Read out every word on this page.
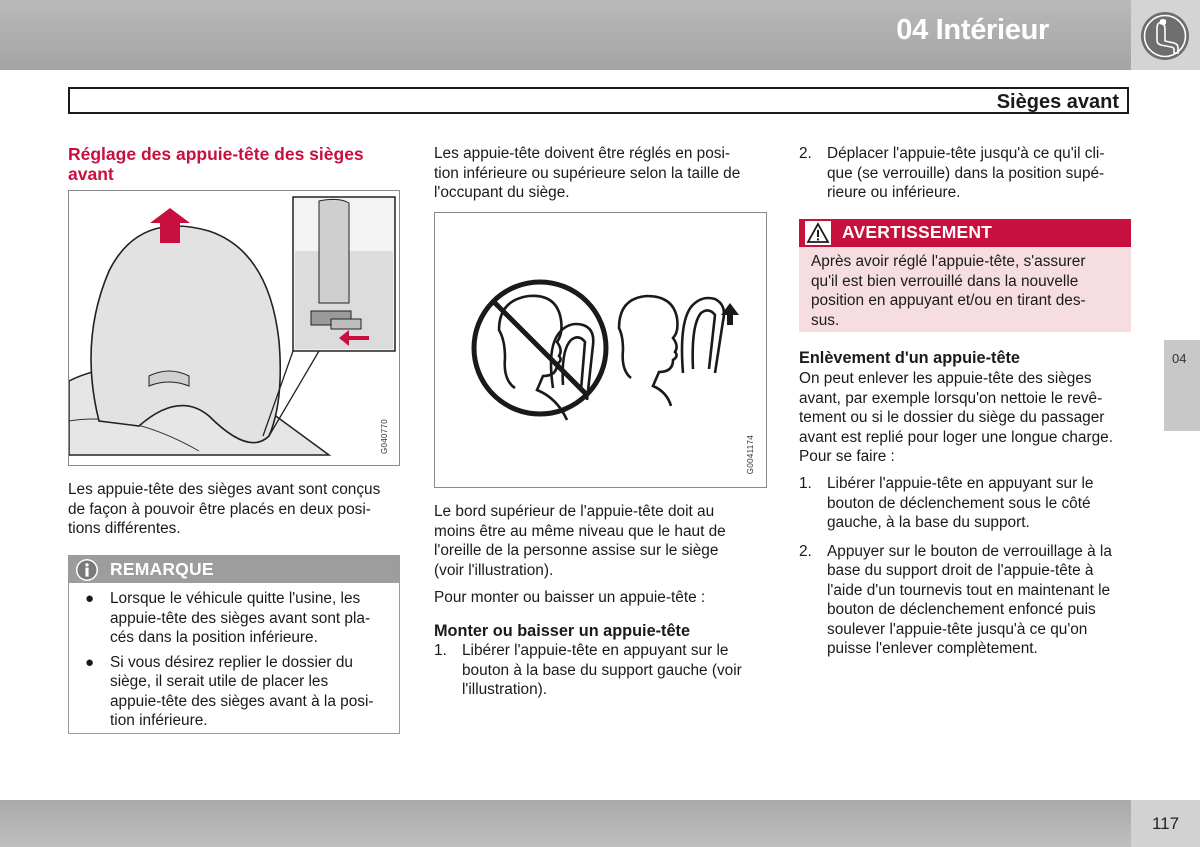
04 Intérieur
Sièges avant
04
Réglage des appuie-tête des sièges
avant
G040770
Les appuie-tête des sièges avant sont conçus
de façon à pouvoir être placés en deux posi-
tions différentes.
REMARQUE
● Lorsque le véhicule quitte l'usine, les
appuie-tête des sièges avant sont pla-
cés dans la position inférieure.
● Si vous désirez replier le dossier du
siège, il serait utile de placer les
appuie-tête des sièges avant à la posi-
tion inférieure.
Les appuie-tête doivent être réglés en posi-
tion inférieure ou supérieure selon la taille de
l'occupant du siège.
G0041174
Le bord supérieur de l'appuie-tête doit au
moins être au même niveau que le haut de
l'oreille de la personne assise sur le siège
(voir l'illustration).
Pour monter ou baisser un appuie-tête :
Monter ou baisser un appuie-tête
1. Libérer l'appuie-tête en appuyant sur le
bouton à la base du support gauche (voir
l'illustration).
2. Déplacer l'appuie-tête jusqu'à ce qu'il cli-
que (se verrouille) dans la position supé-
rieure ou inférieure.
AVERTISSEMENT
Après avoir réglé l'appuie-tête, s'assurer
qu'il est bien verrouillé dans la nouvelle
position en appuyant et/ou en tirant des-
sus.
Enlèvement d'un appuie-tête
On peut enlever les appuie-tête des sièges
avant, par exemple lorsqu'on nettoie le revê-
tement ou si le dossier du siège du passager
avant est replié pour loger une longue charge.
Pour se faire :
1. Libérer l'appuie-tête en appuyant sur le
bouton de déclenchement sous le côté
gauche, à la base du support.
2. Appuyer sur le bouton de verrouillage à la
base du support droit de l'appuie-tête à
l'aide d'un tournevis tout en maintenant le
bouton de déclenchement enfoncé puis
soulever l'appuie-tête jusqu'à ce qu'on
puisse l'enlever complètement.
117
